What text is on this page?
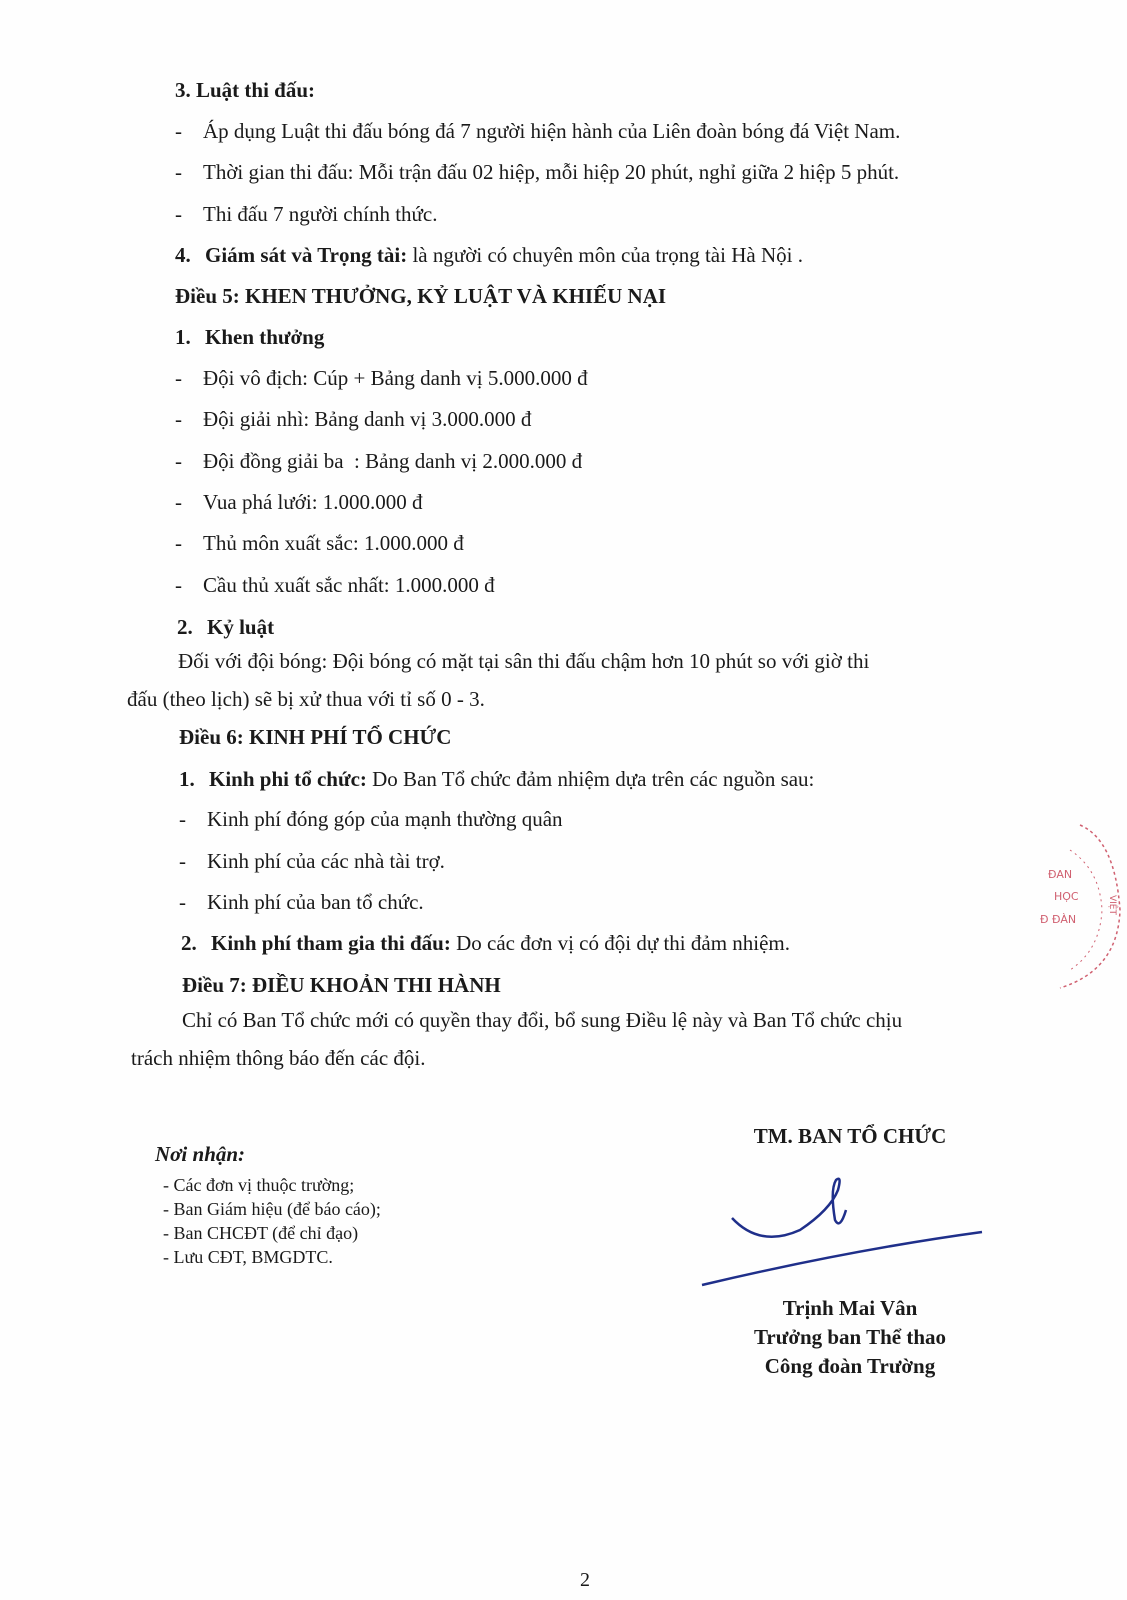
3. Luật thi đấu:
- Áp dụng Luật thi đấu bóng đá 7 người hiện hành của Liên đoàn bóng đá Việt Nam.
- Thời gian thi đấu: Mỗi trận đấu 02 hiệp, mỗi hiệp 20 phút, nghỉ giữa 2 hiệp 5 phút.
- Thi đấu 7 người chính thức.
4. Giám sát và Trọng tài: là người có chuyên môn của trọng tài Hà Nội .
Điều 5: KHEN THƯỞNG, KỶ LUẬT VÀ KHIẾU NẠI
1. Khen thưởng
- Đội vô địch: Cúp + Bảng danh vị 5.000.000 đ
- Đội giải nhì: Bảng danh vị 3.000.000 đ
- Đội đồng giải ba  : Bảng danh vị 2.000.000 đ
- Vua phá lưới: 1.000.000 đ
- Thủ môn xuất sắc: 1.000.000 đ
- Cầu thủ xuất sắc nhất: 1.000.000 đ
2. Kỷ luật
Đối với đội bóng: Đội bóng có mặt tại sân thi đấu chậm hơn 10 phút so với giờ thi
đấu (theo lịch) sẽ bị xử thua với tỉ số 0 - 3.
Điều 6: KINH PHÍ TỔ CHỨC
1. Kinh phi tổ chức: Do Ban Tổ chức đảm nhiệm dựa trên các nguồn sau:
- Kinh phí đóng góp của mạnh thường quân
- Kinh phí của các nhà tài trợ.
- Kinh phí của ban tổ chức.
2. Kinh phí tham gia thi đấu: Do các đơn vị có đội dự thi đảm nhiệm.
Điều 7: ĐIỀU KHOẢN THI HÀNH
Chỉ có Ban Tổ chức mới có quyền thay đổi, bổ sung Điều lệ này và Ban Tổ chức chịu
trách nhiệm thông báo đến các đội.
Nơi nhận:
- Các đơn vị thuộc trường;
- Ban Giám hiệu (để báo cáo);
- Ban CHCĐT (để chỉ đạo)
- Lưu CĐT, BMGDTC.
TM. BAN TỔ CHỨC
Trịnh Mai Vân
Trưởng ban Thể thao
Công đoàn Trường
ĐAN
HỌC
Đ ĐÀN
VIỆT
2
